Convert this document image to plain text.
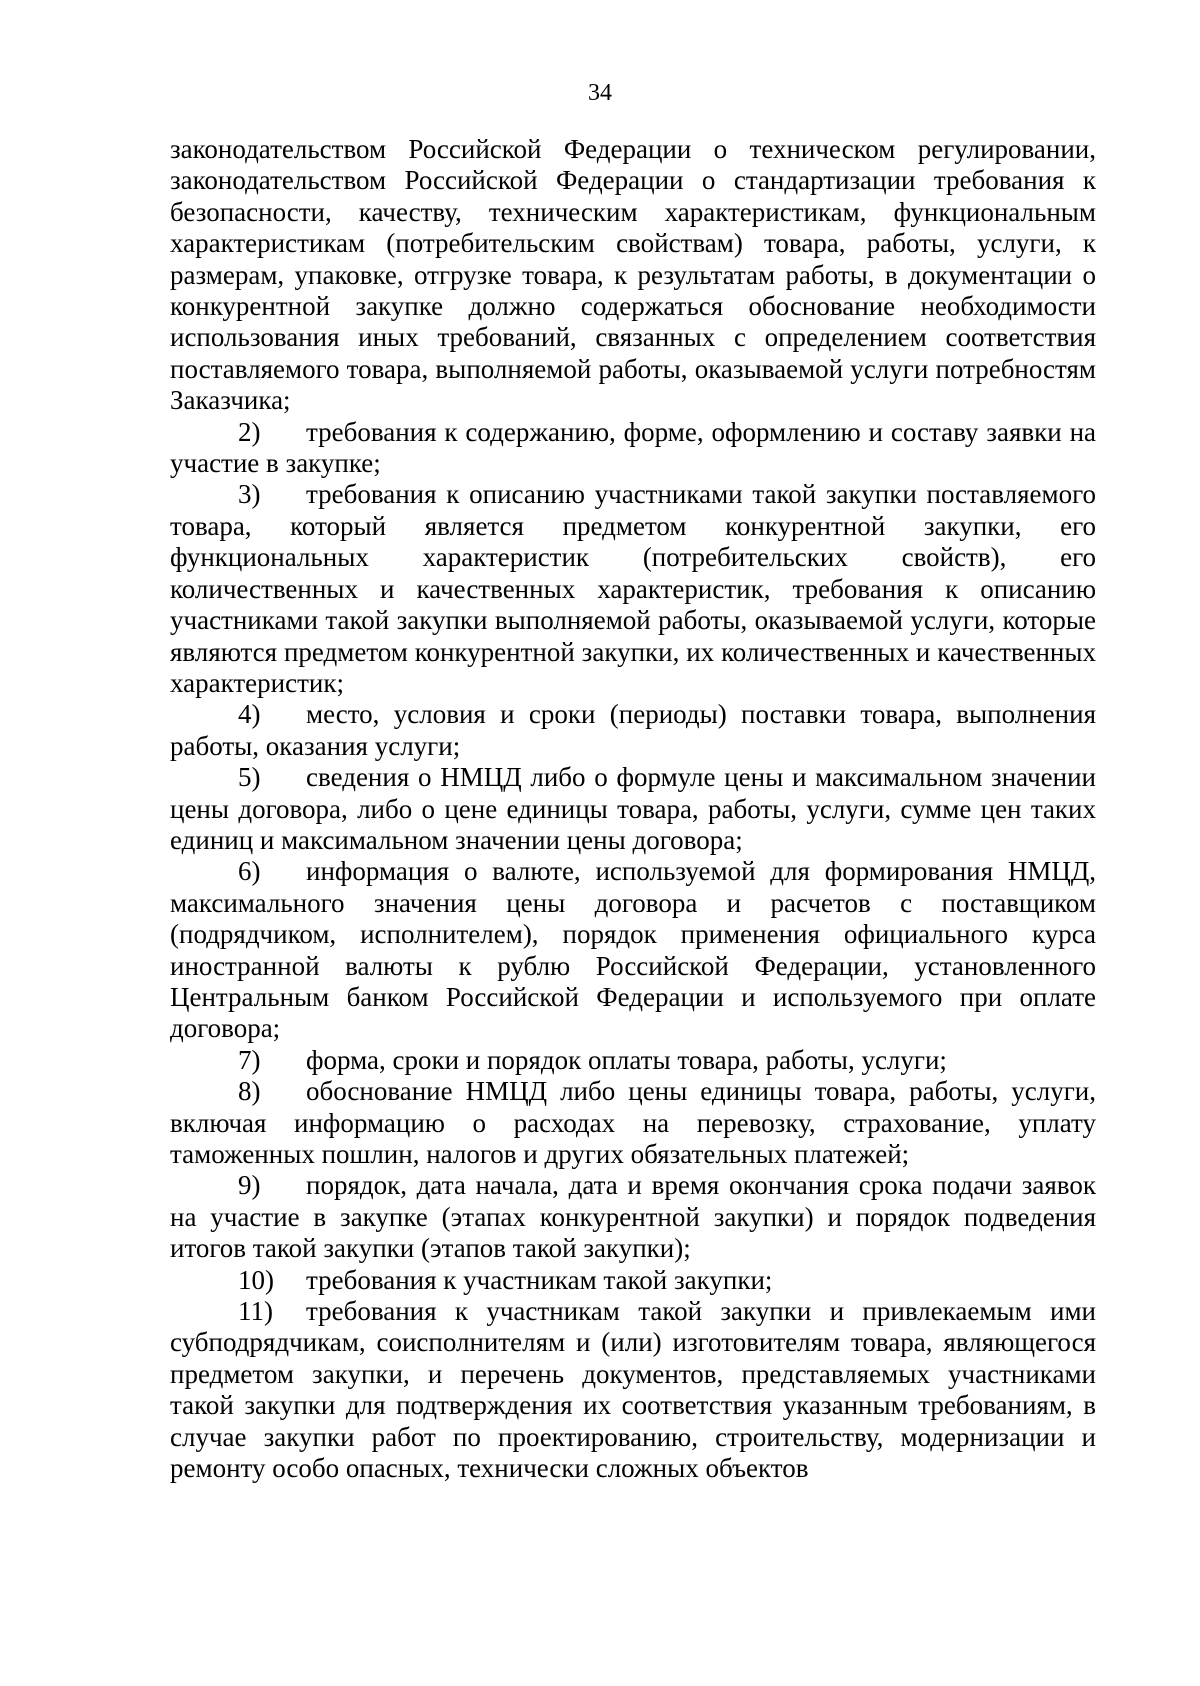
34

законодательством Российской Федерации о техническом регулировании, законодательством Российской Федерации о стандартизации требования к безопасности, качеству, техническим характеристикам, функциональным характеристикам (потребительским свойствам) товара, работы, услуги, к размерам, упаковке, отгрузке товара, к результатам работы, в документации о конкурентной закупке должно содержаться обоснование необходимости использования иных требований, связанных с определением соответствия поставляемого товара, выполняемой работы, оказываемой услуги потребностям Заказчика;

2) требования к содержанию, форме, оформлению и составу заявки на участие в закупке;

3) требования к описанию участниками такой закупки поставляемого товара, который является предметом конкурентной закупки, его функциональных характеристик (потребительских свойств), его количественных и качественных характеристик, требования к описанию участниками такой закупки выполняемой работы, оказываемой услуги, которые являются предметом конкурентной закупки, их количественных и качественных характеристик;

4) место, условия и сроки (периоды) поставки товара, выполнения работы, оказания услуги;

5) сведения о НМЦД либо о формуле цены и максимальном значении цены договора, либо о цене единицы товара, работы, услуги, сумме цен таких единиц и максимальном значении цены договора;

6) информация о валюте, используемой для формирования НМЦД, максимального значения цены договора и расчетов с поставщиком (подрядчиком, исполнителем), порядок применения официального курса иностранной валюты к рублю Российской Федерации, установленного Центральным банком Российской Федерации и используемого при оплате договора;

7) форма, сроки и порядок оплаты товара, работы, услуги;

8) обоснование НМЦД либо цены единицы товара, работы, услуги, включая информацию о расходах на перевозку, страхование, уплату таможенных пошлин, налогов и других обязательных платежей;

9) порядок, дата начала, дата и время окончания срока подачи заявок на участие в закупке (этапах конкурентной закупки) и порядок подведения итогов такой закупки (этапов такой закупки);

10) требования к участникам такой закупки;

11) требования к участникам такой закупки и привлекаемым ими субподрядчикам, соисполнителям и (или) изготовителям товара, являющегося предметом закупки, и перечень документов, представляемых участниками такой закупки для подтверждения их соответствия указанным требованиям, в случае закупки работ по проектированию, строительству, модернизации и ремонту особо опасных, технически сложных объектов
